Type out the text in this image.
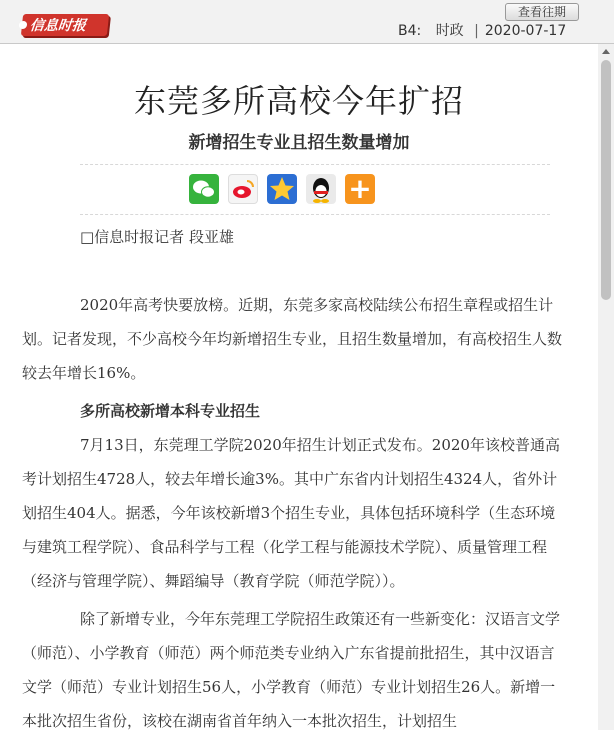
信息时报
查看往期
B4: 时政 | 2020-07-17
东莞多所高校今年扩招
新增招生专业且招生数量增加
+
□信息时报记者 段亚雄

2020年高考快要放榜。近期，东莞多家高校陆续公布招生章程或招生计划。记者发现，不少高校今年均新增招生专业，且招生数量增加，有高校招生人数较去年增长16%。

多所高校新增本科专业招生

7月13日，东莞理工学院2020年招生计划正式发布。2020年该校普通高考计划招生4728人，较去年增长逾3%。其中广东省内计划招生4324人，省外计划招生404人。据悉，今年该校新增3个招生专业，具体包括环境科学（生态环境与建筑工程学院）、食品科学与工程（化学工程与能源技术学院）、质量管理工程（经济与管理学院）、舞蹈编导（教育学院（师范学院））。

除了新增专业，今年东莞理工学院招生政策还有一些新变化：汉语言文学（师范）、小学教育（师范）两个师范类专业纳入广东省提前批招生，其中汉语言文学（师范）专业计划招生56人，小学教育（师范）专业计划招生26人。新增一本批次招生省份，该校在湖南省首年纳入一本批次招生，计划招生
